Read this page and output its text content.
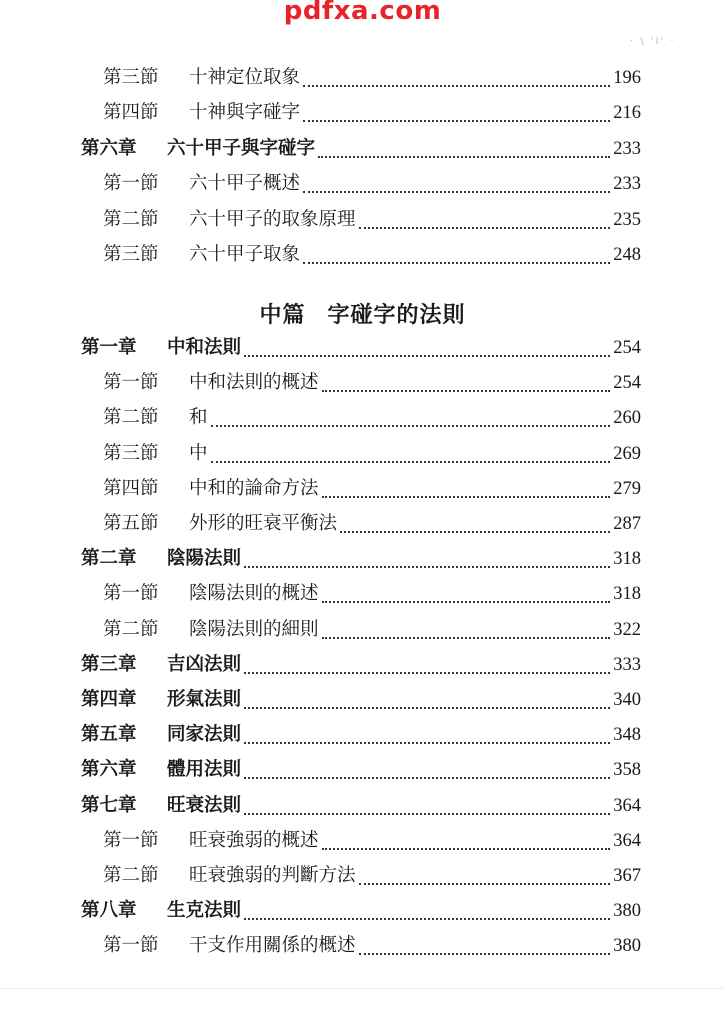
pdfxa.com
· \ 'i' ·
第三節	十神定位取象	196
第四節	十神與字碰字	216
第六章	六十甲子與字碰字	233
第一節	六十甲子概述	233
第二節	六十甲子的取象原理	235
第三節	六十甲子取象	248
中篇 字碰字的法則
第一章	中和法則	254
第一節	中和法則的概述	254
第二節	和	260
第三節	中	269
第四節	中和的論命方法	279
第五節	外形的旺衰平衡法	287
第二章	陰陽法則	318
第一節	陰陽法則的概述	318
第二節	陰陽法則的細則	322
第三章	吉凶法則	333
第四章	形氣法則	340
第五章	同家法則	348
第六章	體用法則	358
第七章	旺衰法則	364
第一節	旺衰強弱的概述	364
第二節	旺衰強弱的判斷方法	367
第八章	生克法則	380
第一節	干支作用關係的概述	380
